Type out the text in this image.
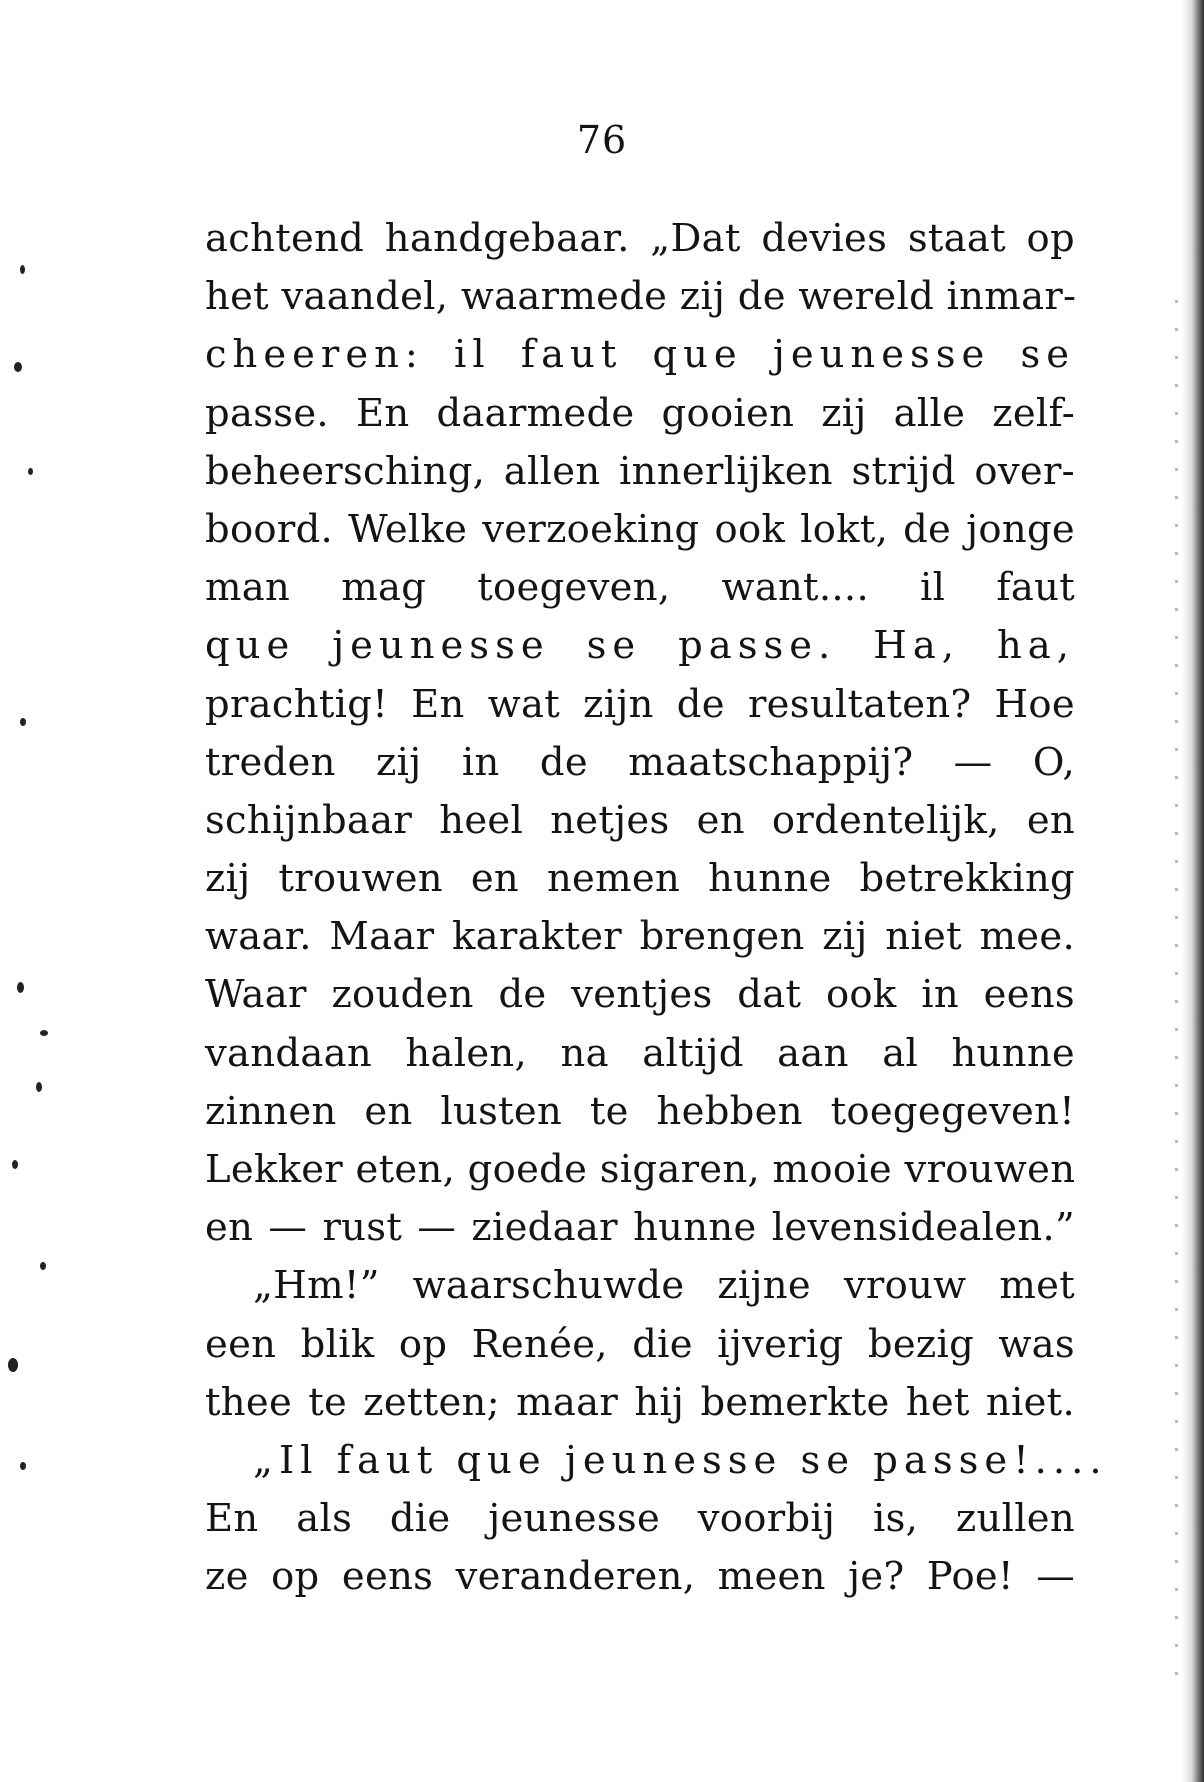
76
achtend handgebaar. „Dat devies staat op
het vaandel, waarmede zij de wereld inmar-
cheeren: il faut que jeunesse se
passe. En daarmede gooien zij alle zelf-
beheersching, allen innerlijken strijd over-
boord. Welke verzoeking ook lokt, de jonge
man mag toegeven, want.... il faut
que jeunesse se passe. Ha, ha,
prachtig! En wat zijn de resultaten? Hoe
treden zij in de maatschappij? — O,
schijnbaar heel netjes en ordentelijk, en
zij trouwen en nemen hunne betrekking
waar. Maar karakter brengen zij niet mee.
Waar zouden de ventjes dat ook in eens
vandaan halen, na altijd aan al hunne
zinnen en lusten te hebben toegegeven!
Lekker eten, goede sigaren, mooie vrouwen
en — rust — ziedaar hunne levensidealen.”
„Hm!” waarschuwde zijne vrouw met
een blik op Renée, die ijverig bezig was
thee te zetten; maar hij bemerkte het niet.
„Il faut que jeunesse se passe!....
En als die jeunesse voorbij is, zullen
ze op eens veranderen, meen je? Poe! —
